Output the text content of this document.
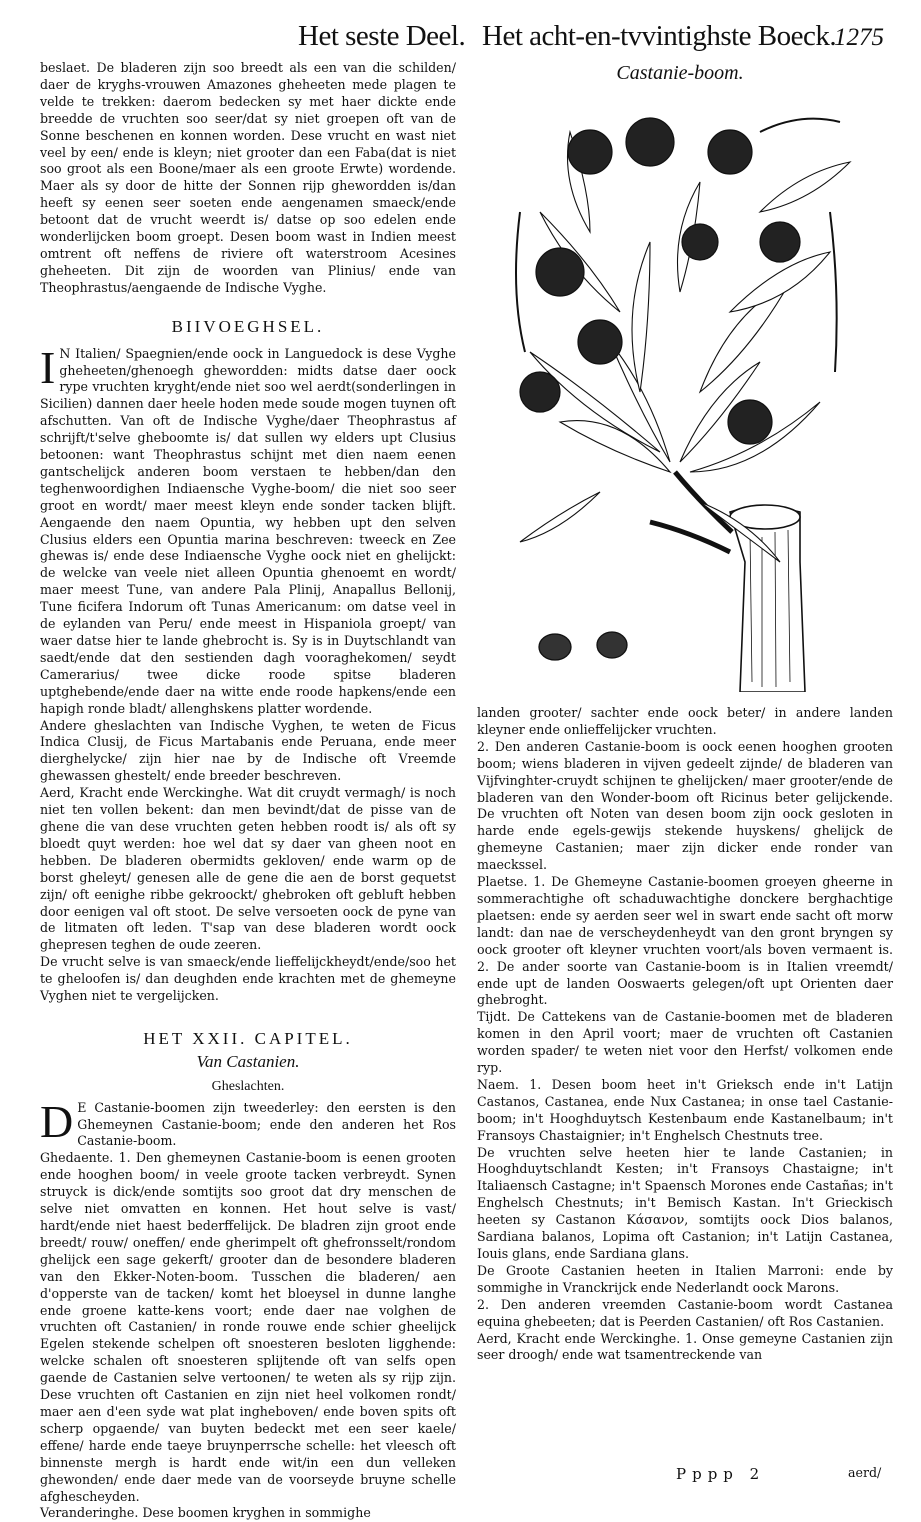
Het seste Deel. Het acht-en-tvvintighste Boeck.
1275

beslaet. De bladeren zijn soo breedt als een van die schilden/ daer de kryghs-vrouwen Amazones gheheeten mede plagen te velde te trekken: daerom bedecken sy met haer dickte ende breedde de vruchten soo seer/dat sy niet groepen oft van de Sonne beschenen en konnen worden. Dese vrucht en wast niet veel by een/ ende is kleyn; niet grooter dan een Faba(dat is niet soo groot als een Boone/maer als een groote Erwte) wordende. Maer als sy door de hitte der Sonnen rijp ghewordden is/dan heeft sy eenen seer soeten ende aengenamen smaeck/ende betoont dat de vrucht weerdt is/ datse op soo edelen ende wonderlijcken boom groept. Desen boom wast in Indien meest omtrent oft neffens de riviere oft waterstroom Acesines gheheeten. Dit zijn de woorden van Plinius/ ende van Theophrastus/aengaende de Indische Vyghe.

BIIVOEGHSEL.

I N Italien/ Spaegnien/ende oock in Languedock is dese Vyghe gheheeten/ghenoegh ghewordden: midts datse daer oock rype vruchten kryght/ende niet soo wel aerdt(sonderlingen in Sicilien) dannen daer heele hoden mede soude mogen tuynen oft afschutten. Van oft de Indische Vyghe/daer Theophrastus af schrijft/t'selve gheboomte is/ dat sullen wy elders upt Clusius betoonen: want Theophrastus schijnt met dien naem eenen gantschelijck anderen boom verstaen te hebben/dan den teghenwoordighen Indiaensche Vyghe-boom/ die niet soo seer groot en wordt/ maer meest kleyn ende sonder tacken blijft. Aengaende den naem Opuntia, wy hebben upt den selven Clusius elders een Opuntia marina beschreven: tweeck en Zee ghewas is/ ende dese Indiaensche Vyghe oock niet en ghelijckt: de welcke van veele niet alleen Opuntia ghenoemt en wordt/ maer meest Tune, van andere Pala Plinij, Anapallus Bellonij, Tune ficifera Indorum oft Tunas Americanum: om datse veel in de eylanden van Peru/ ende meest in Hispaniola groept/ van waer datse hier te lande ghebrocht is. Sy is in Duytschlandt van saedt/ende dat den sestienden dagh vooraghekomen/ seydt Camerarius/ twee dicke roode spitse bladeren uptghebende/ende daer na witte ende roode hapkens/ende een hapigh ronde bladt/ allenghskens platter wordende.

Andere gheslachten van Indische Vyghen, te weten de Ficus Indica Clusij, de Ficus Martabanis ende Peruana, ende meer dierghelycke/ zijn hier nae by de Indische oft Vreemde ghewassen ghestelt/ ende breeder beschreven.

Aerd, Kracht ende Werckinghe. Wat dit cruydt vermagh/ is noch niet ten vollen bekent: dan men bevindt/dat de pisse van de ghene die van dese vruchten geten hebben roodt is/ als oft sy bloedt quyt werden: hoe wel dat sy daer van gheen noot en hebben. De bladeren obermidts gekloven/ ende warm op de borst gheleyt/ genesen alle de gene die aen de borst gequetst zijn/ oft eenighe ribbe gekroockt/ ghebroken oft gebluft hebben door eenigen val oft stoot. De selve versoeten oock de pyne van de litmaten oft leden. T'sap van dese bladeren wordt oock ghepresen teghen de oude zeeren.

De vrucht selve is van smaeck/ende lieffelijckheydt/ende/soo het te gheloofen is/ dan deughden ende krachten met de ghemeyne Vyghen niet te vergelijcken.

HET XXII. CAPITEL.
Van Castanien.
Gheslachten.

D E Castanie-boomen zijn tweederley: den eersten is den Ghemeynen Castanie-boom; ende den anderen het Ros Castanie-boom.

Ghedaente. 1. Den ghemeynen Castanie-boom is eenen grooten ende hooghen boom/ in veele groote tacken verbreydt. Synen struyck is dick/ende somtijts soo groot dat dry menschen de selve niet omvatten en konnen. Het hout selve is vast/ hardt/ende niet haest bederffelijck. De bladren zijn groot ende breedt/ rouw/ oneffen/ ende gherimpelt oft ghefronsselt/rondom ghelijck een sage gekerft/ grooter dan de besondere bladeren van den Ekker-Noten-boom. Tusschen die bladeren/ aen d'opperste van de tacken/ komt het bloeysel in dunne langhe ende groene katte-kens voort; ende daer nae volghen de vruchten oft Castanien/ in ronde rouwe ende schier gheelijck Egelen stekende schelpen oft snoesteren besloten ligghende: welcke schalen oft snoesteren splijtende oft van selfs open gaende de Castanien selve vertoonen/ te weten als sy rijp zijn. Dese vruchten oft Castanien en zijn niet heel volkomen rondt/ maer aen d'een syde wat plat ingheboven/ ende boven spits oft scherp opgaende/ van buyten bedeckt met een seer kaele/ effene/ harde ende taeye bruynperrsche schelle: het vleesch oft binnenste mergh is hardt ende wit/in een dun velleken ghewonden/ ende daer mede van de voorseyde bruyne schelle afghescheyden.

Veranderinghe. Dese boomen kryghen in sommighe

Castanie-boom.

landen grooter/ sachter ende oock beter/ in andere landen kleyner ende onlieffelijcker vruchten.

2. Den anderen Castanie-boom is oock eenen hooghen grooten boom; wiens bladeren in vijven gedeelt zijnde/ de bladeren van Vijfvinghter-cruydt schijnen te ghelijcken/ maer grooter/ende de bladeren van den Wonder-boom oft Ricinus beter gelijckende. De vruchten oft Noten van desen boom zijn oock gesloten in harde ende egels-gewijs stekende huyskens/ ghelijck de ghemeyne Castanien; maer zijn dicker ende ronder van maeckssel.

Plaetse. 1. De Ghemeyne Castanie-boomen groeyen gheerne in sommerachtighe oft schaduwachtighe donckere berghachtige plaetsen: ende sy aerden seer wel in swart ende sacht oft morw landt: dan nae de verscheydenheydt van den gront bryngen sy oock grooter oft kleyner vruchten voort/als boven vermaent is. 2. De ander soorte van Castanie-boom is in Italien vreemdt/ ende upt de landen Ooswaerts gelegen/oft upt Orienten daer ghebroght.

Tijdt. De Cattekens van de Castanie-boomen met de bladeren komen in den April voort; maer de vruchten oft Castanien worden spader/ te weten niet voor den Herfst/ volkomen ende ryp.

Naem. 1. Desen boom heet in't Grieksch ende in't Latijn Castanos, Castanea, ende Nux Castanea; in onse tael Castanie-boom; in't Hooghduytsch Kestenbaum ende Kastanelbaum; in't Fransoys Chastaignier; in't Enghelsch Chestnuts tree.

De vruchten selve heeten hier te lande Castanien; in Hooghduytschlandt Kesten; in't Fransoys Chastaigne; in't Italiaensch Castagne; in't Spaensch Morones ende Castañas; in't Enghelsch Chestnuts; in't Bemisch Kastan. In't Grieckisch heeten sy Castanon Κάσανον, somtijts oock Dios balanos, Sardiana balanos, Lopima oft Castanion; in't Latijn Castanea, Iouis glans, ende Sardiana glans.

De Groote Castanien heeten in Italien Marroni: ende by sommighe in Vranckrijck ende Nederlandt oock Marons.

2. Den anderen vreemden Castanie-boom wordt Castanea equina ghebeeten; dat is Peerden Castanien/ oft Ros Castanien.

Aerd, Kracht ende Werckinghe. 1. Onse gemeyne Castanien zijn seer droogh/ ende wat tsamentreckende van

Pppp 2	aerd/
